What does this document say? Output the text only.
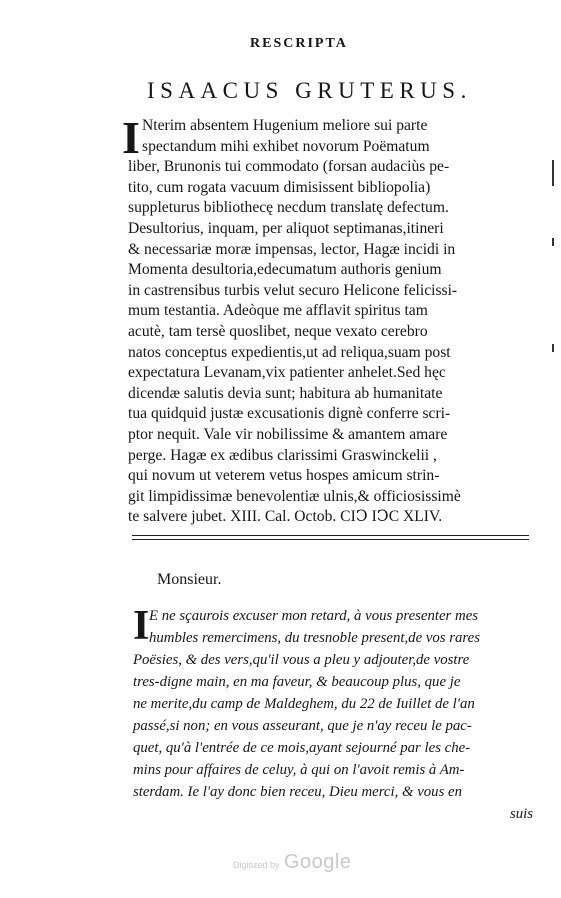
RESCRIPTA
ISAACUS GRUTERUS.
I Nterim absentem Hugenium meliore sui parte
spectandum mihi exhibet novorum Poëmatum
liber, Brunonis tui commodato (forsan audaciùs pe-
tito, cum rogata vacuum dimisissent bibliopolia)
suppleturus bibliothecę necdum translatę defectum.
Desultorius, inquam, per aliquot septimanas,itineri
& necessariæ moræ impensas, lector, Hagæ incidi in
Momenta desultoria,edecumatum authoris genium
in castrensibus turbis velut securo Helicone felicissi-
mum testantia. Adeòque me afflavit spiritus tam
acutè, tam tersè quoslibet, neque vexato cerebro
natos conceptus expedientis,ut ad reliqua,suam post
expectatura Levanam,vix patienter anhelet.Sed hęc
dicendæ salutis devia sunt; habitura ab humanitate
tua quidquid justæ excusationis dignè conferre scri-
ptor nequit. Vale vir nobilissime & amantem amare
perge. Hagæ ex ædibus clarissimi Graswinckelii ,
qui novum ut veterem vetus hospes amicum strin-
git limpidissimæ benevolentiæ ulnis,& officiosissimè
te salvere jubet. XIII. Cal. Octob. CIↃ IↃC XLIV.
Monsieur.
I E ne sçaurois excuser mon retard, à vous presenter mes
humbles remercimens, du tresnoble present,de vos rares
Poësies, & des vers,qu'il vous a pleu y adjouter,de vostre
tres-digne main, en ma faveur, & beaucoup plus, que je
ne merite,du camp de Maldeghem, du 22 de Iuillet de l'an
passé,si non; en vous asseurant, que je n'ay receu le pac-
quet, qu'à l'entrée de ce mois,ayant sejourné par les che-
mins pour affaires de celuy, à qui on l'avoit remis à Am-
sterdam. Ie l'ay donc bien receu, Dieu merci, & vous en
suis
Digitized by Google
